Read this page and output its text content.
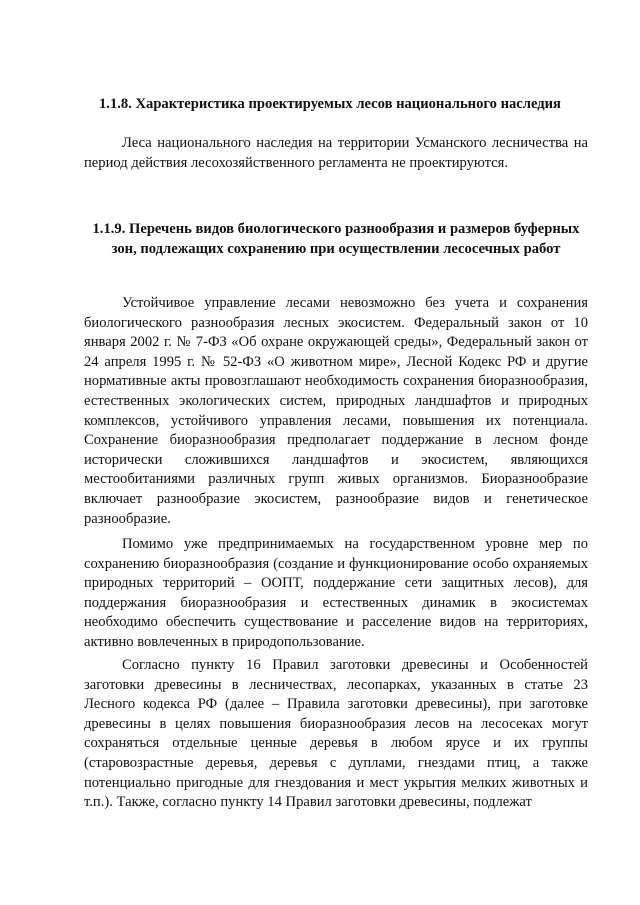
1.1.8. Характеристика проектируемых лесов национального наследия
Леса национального наследия на территории Усманского лесничества на период действия лесохозяйственного регламента не проектируются.
1.1.9. Перечень видов биологического разнообразия и размеров буферных зон, подлежащих сохранению при осуществлении лесосечных работ
Устойчивое управление лесами невозможно без учета и сохранения биологического разнообразия лесных экосистем. Федеральный закон от 10 января 2002 г. № 7-ФЗ «Об охране окружающей среды», Федеральный закон от 24 апреля 1995 г. № 52-ФЗ «О животном мире», Лесной Кодекс РФ и другие нормативные акты провозглашают необходимость сохранения биоразнообразия, естественных экологических систем, природных ландшафтов и природных комплексов, устойчивого управления лесами, повышения их потенциала. Сохранение биоразнообразия предполагает поддержание в лесном фонде исторически сложившихся ландшафтов и экосистем, являющихся местообитаниями различных групп живых организмов. Биоразнообразие включает разнообразие экосистем, разнообразие видов и генетическое разнообразие.
Помимо уже предпринимаемых на государственном уровне мер по сохранению биоразнообразия (создание и функционирование особо охраняемых природных территорий – ООПТ, поддержание сети защитных лесов), для поддержания биоразнообразия и естественных динамик в экосистемах необходимо обеспечить существование и расселение видов на территориях, активно вовлеченных в природопользование.
Согласно пункту 16 Правил заготовки древесины и Особенностей заготовки древесины в лесничествах, лесопарках, указанных в статье 23 Лесного кодекса РФ (далее – Правила заготовки древесины), при заготовке древесины в целях повышения биоразнообразия лесов на лесосеках могут сохраняться отдельные ценные деревья в любом ярусе и их группы (старовозрастные деревья, деревья с дуплами, гнездами птиц, а также потенциально пригодные для гнездования и мест укрытия мелких животных и т.п.). Также, согласно пункту 14 Правил заготовки древесины, подлежат
